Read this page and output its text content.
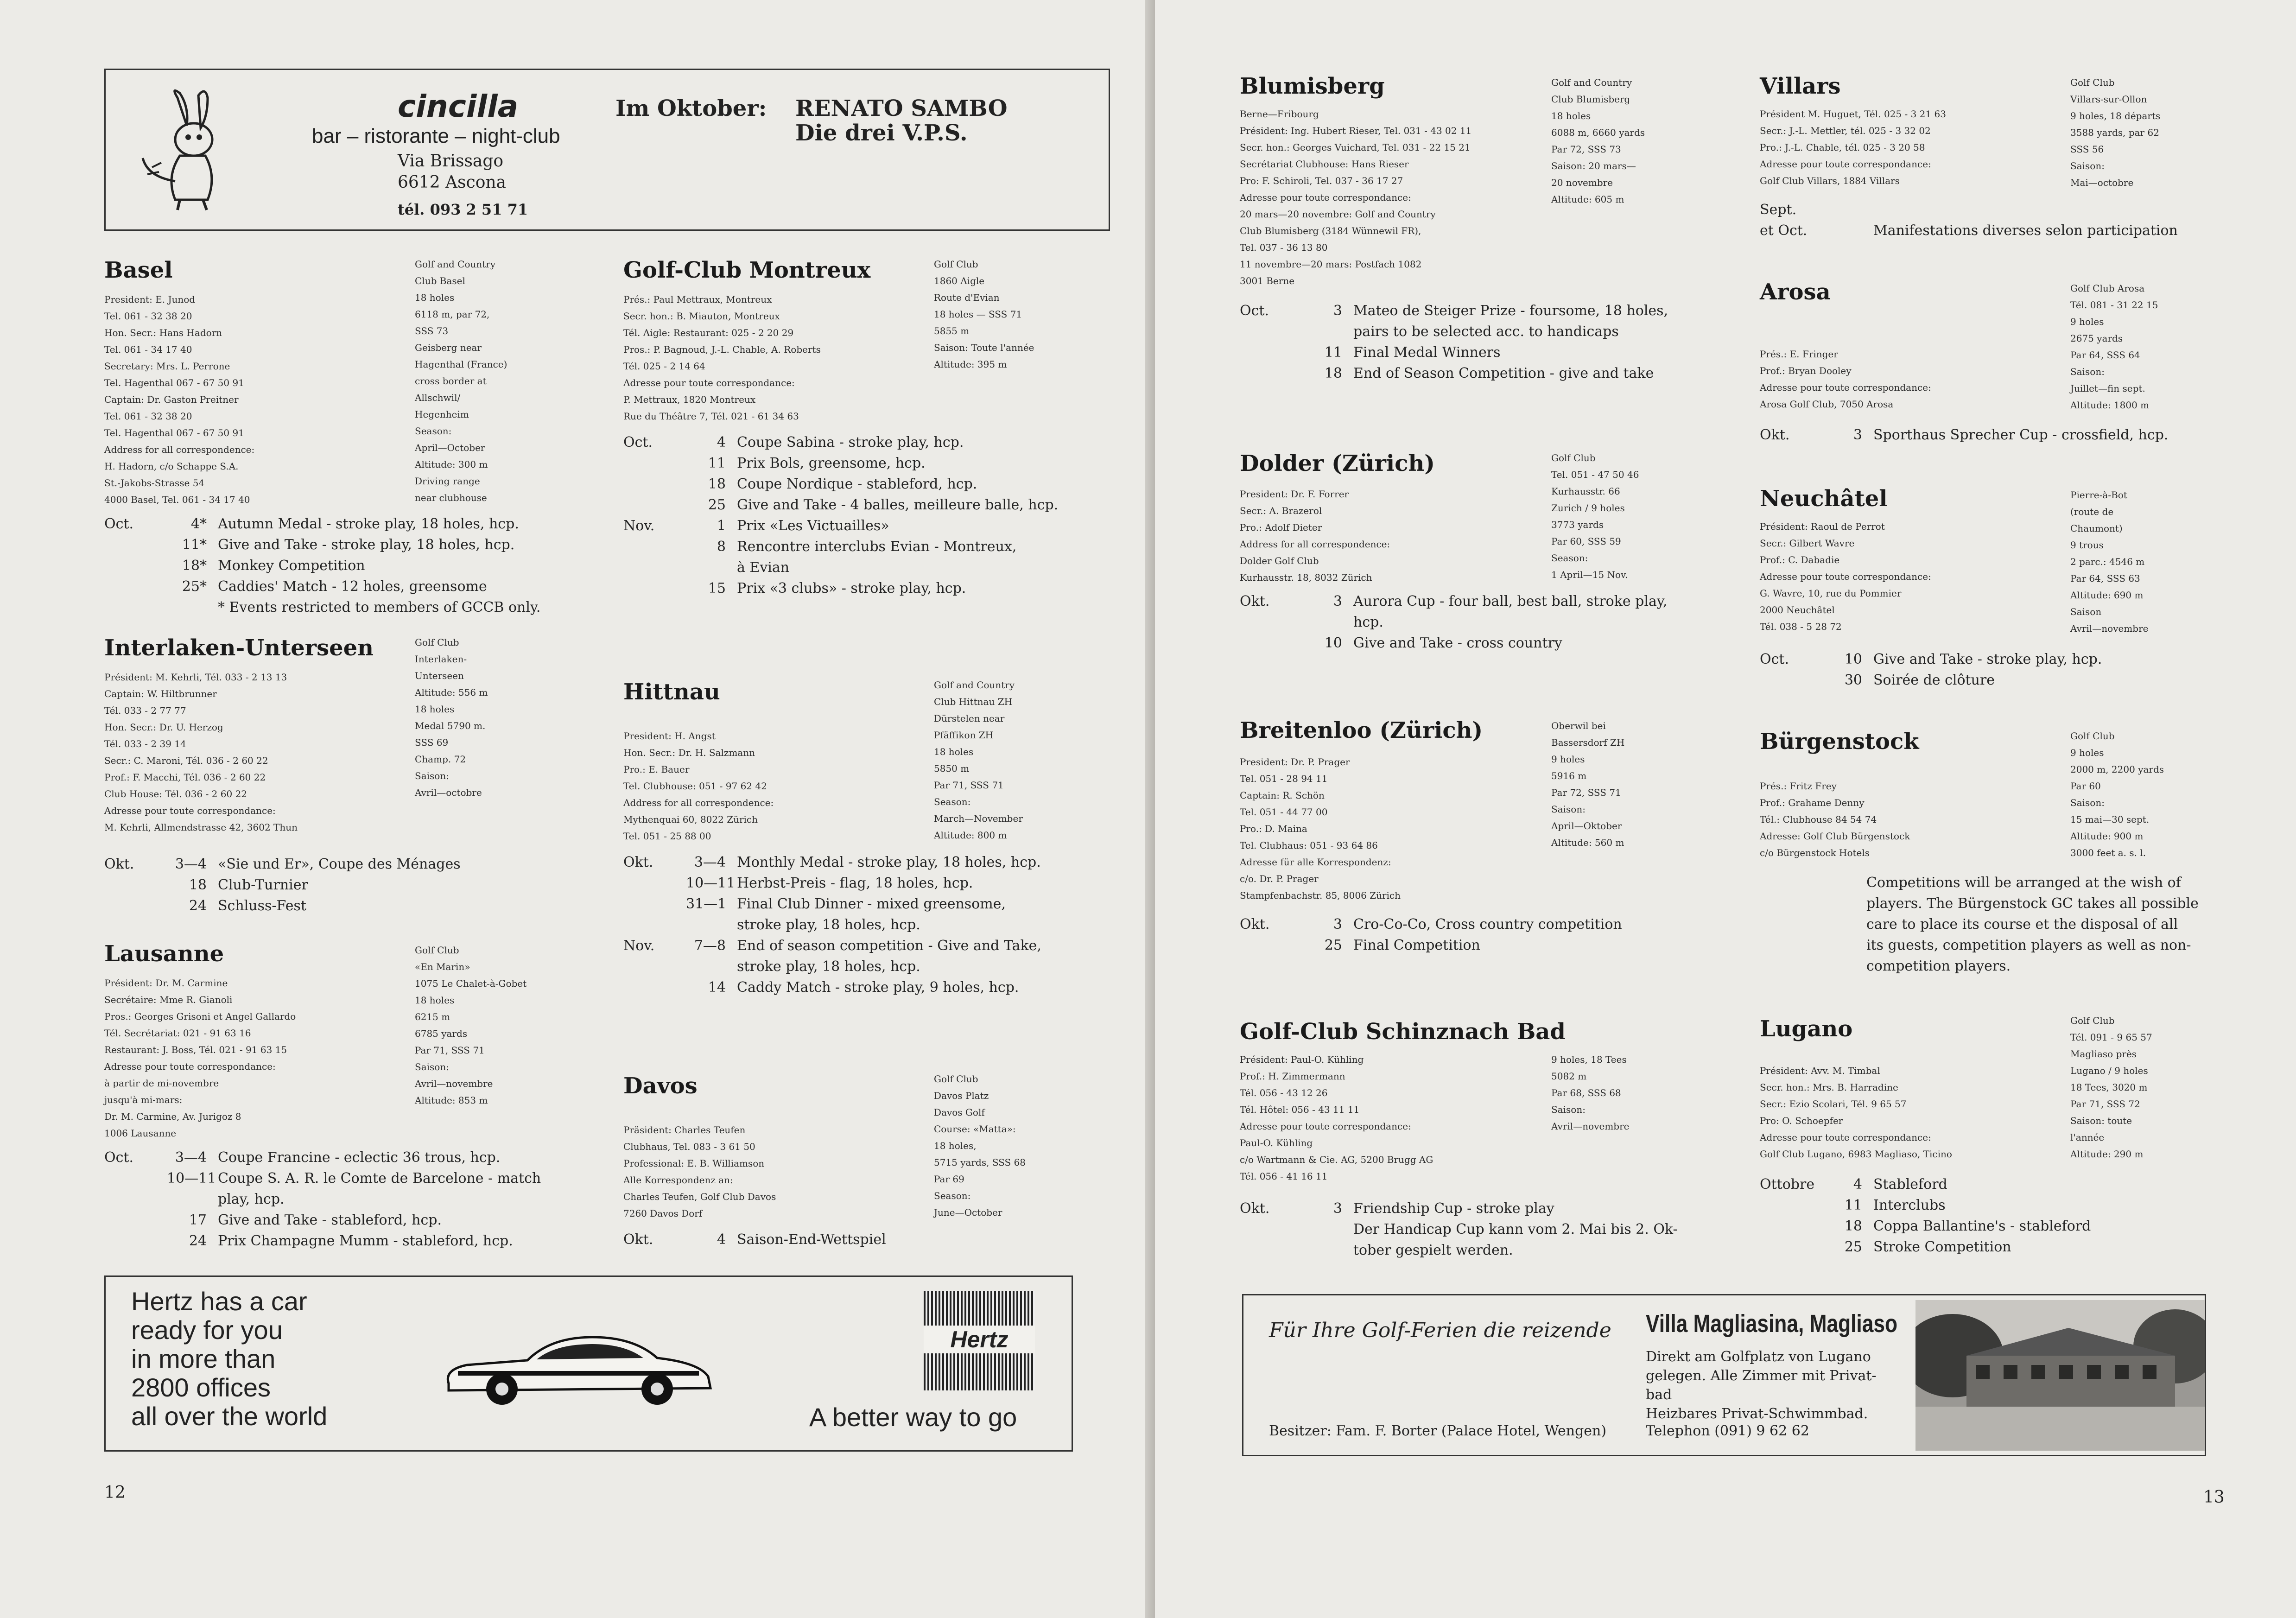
cincilla
bar – ristorante – night-club
Via Brissago
6612 Ascona
tél. 093 2 51 71
Im Oktober: RENATO SAMBO
Die drei V.P.S.
Basel
President: E. Junod
Tel. 061 - 32 38 20
Hon. Secr.: Hans Hadorn
Tel. 061 - 34 17 40
Secretary: Mrs. L. Perrone
Tel. Hagenthal 067 - 67 50 91
Captain: Dr. Gaston Preitner
Tel. 061 - 32 38 20
Tel. Hagenthal 067 - 67 50 91
Address for all correspondence:
H. Hadorn, c/o Schappe S.A.
St.-Jakobs-Strasse 54
4000 Basel, Tel. 061 - 34 17 40
Golf and Country
Club Basel
18 holes
6118 m, par 72,
SSS 73
Geisberg near
Hagenthal (France)
cross border at
Allschwil/
Hegenheim
Season:
April—October
Altitude: 300 m
Driving range
near clubhouse
Oct.	4* Autumn Medal - stroke play, 18 holes, hcp.
11* Give and Take - stroke play, 18 holes, hcp.
18* Monkey Competition
25* Caddies' Match - 12 holes, greensome
* Events restricted to members of GCCB only.
Interlaken-Unterseen
Président: M. Kehrli, Tél. 033 - 2 13 13
Captain: W. Hiltbrunner
Tél. 033 - 2 77 77
Hon. Secr.: Dr. U. Herzog
Tél. 033 - 2 39 14
Secr.: C. Maroni, Tél. 036 - 2 60 22
Prof.: F. Macchi, Tél. 036 - 2 60 22
Club House: Tél. 036 - 2 60 22
Adresse pour toute correspondance:
M. Kehrli, Allmendstrasse 42, 3602 Thun
Golf Club
Interlaken-
Unterseen
Altitude: 556 m
18 holes
Medal 5790 m.
SSS 69
Champ. 72
Saison:
Avril—octobre
Okt.	3—4 «Sie und Er», Coupe des Ménages
18 Club-Turnier
24 Schluss-Fest
Lausanne
Président: Dr. M. Carmine
Secrétaire: Mme R. Gianoli
Pros.: Georges Grisoni et Angel Gallardo
Tél. Secrétariat: 021 - 91 63 16
Restaurant: J. Boss, Tél. 021 - 91 63 15
Adresse pour toute correspondance:
à partir de mi-novembre
jusqu'à mi-mars:
Dr. M. Carmine, Av. Jurigoz 8
1006 Lausanne
Golf Club
«En Marin»
1075 Le Chalet-à-Gobet
18 holes
6215 m
6785 yards
Par 71, SSS 71
Saison:
Avril—novembre
Altitude: 853 m
Oct.	3—4 Coupe Francine - eclectic 36 trous, hcp.
10—11 Coupe S. A. R. le Comte de Barcelone - match
play, hcp.
17 Give and Take - stableford, hcp.
24 Prix Champagne Mumm - stableford, hcp.
Golf-Club Montreux
Prés.: Paul Mettraux, Montreux
Secr. hon.: B. Miauton, Montreux
Tél. Aigle: Restaurant: 025 - 2 20 29
Pros.: P. Bagnoud, J.-L. Chable, A. Roberts
Tél. 025 - 2 14 64
Adresse pour toute correspondance:
P. Mettraux, 1820 Montreux
Rue du Théâtre 7, Tél. 021 - 61 34 63
Golf Club
1860 Aigle
Route d'Evian
18 holes — SSS 71
5855 m
Saison: Toute l'année
Altitude: 395 m
Oct.	4 Coupe Sabina - stroke play, hcp.
11 Prix Bols, greensome, hcp.
18 Coupe Nordique - stableford, hcp.
25 Give and Take - 4 balles, meilleure balle, hcp.
Nov.	1 Prix «Les Victuailles»
8 Rencontre interclubs Evian - Montreux,
à Evian
15 Prix «3 clubs» - stroke play, hcp.
Hittnau
President: H. Angst
Hon. Secr.: Dr. H. Salzmann
Pro.: E. Bauer
Tel. Clubhouse: 051 - 97 62 42
Address for all correspondence:
Mythenquai 60, 8022 Zürich
Tel. 051 - 25 88 00
Golf and Country
Club Hittnau ZH
Dürstelen near
Pfäffikon ZH
18 holes
5850 m
Par 71, SSS 71
Season:
March—November
Altitude: 800 m
Okt.	3—4 Monthly Medal - stroke play, 18 holes, hcp.
10—11 Herbst-Preis - flag, 18 holes, hcp.
31—1 Final Club Dinner - mixed greensome,
stroke play, 18 holes, hcp.
Nov.	7—8 End of season competition - Give and Take,
stroke play, 18 holes, hcp.
14 Caddy Match - stroke play, 9 holes, hcp.
Davos
Präsident: Charles Teufen
Clubhaus, Tel. 083 - 3 61 50
Professional: E. B. Williamson
Alle Korrespondenz an:
Charles Teufen, Golf Club Davos
7260 Davos Dorf
Golf Club
Davos Platz
Davos Golf
Course: «Matta»:
18 holes,
5715 yards, SSS 68
Par 69
Season:
June—October
Okt.	4 Saison-End-Wettspiel
Hertz has a car
ready for you
in more than
2800 offices
all over the world
Hertz
A better way to go
12
Blumisberg
Berne—Fribourg
Président: Ing. Hubert Rieser, Tel. 031 - 43 02 11
Secr. hon.: Georges Vuichard, Tel. 031 - 22 15 21
Secrétariat Clubhouse: Hans Rieser
Pro: F. Schiroli, Tel. 037 - 36 17 27
Adresse pour toute correspondance:
20 mars—20 novembre: Golf and Country
Club Blumisberg (3184 Wünnewil FR),
Tel. 037 - 36 13 80
11 novembre—20 mars: Postfach 1082
3001 Berne
Golf and Country
Club Blumisberg
18 holes
6088 m, 6660 yards
Par 72, SSS 73
Saison: 20 mars—
20 novembre
Altitude: 605 m
Oct.	3 Mateo de Steiger Prize - foursome, 18 holes,
pairs to be selected acc. to handicaps
11 Final Medal Winners
18 End of Season Competition - give and take
Dolder (Zürich)
President: Dr. F. Forrer
Secr.: A. Brazerol
Pro.: Adolf Dieter
Address for all correspondence:
Dolder Golf Club
Kurhausstr. 18, 8032 Zürich
Golf Club
Tel. 051 - 47 50 46
Kurhausstr. 66
Zurich / 9 holes
3773 yards
Par 60, SSS 59
Season:
1 April—15 Nov.
Okt.	3 Aurora Cup - four ball, best ball, stroke play,
hcp.
10 Give and Take - cross country
Breitenloo (Zürich)
President: Dr. P. Prager
Tel. 051 - 28 94 11
Captain: R. Schön
Tel. 051 - 44 77 00
Pro.: D. Maina
Tel. Clubhaus: 051 - 93 64 86
Adresse für alle Korrespondenz:
c/o. Dr. P. Prager
Stampfenbachstr. 85, 8006 Zürich
Oberwil bei
Bassersdorf ZH
9 holes
5916 m
Par 72, SSS 71
Saison:
April—Oktober
Altitude: 560 m
Okt.	3 Cro-Co-Co, Cross country competition
25 Final Competition
Golf-Club Schinznach Bad
Président: Paul-O. Kühling
Prof.: H. Zimmermann
Tél. 056 - 43 12 26
Tél. Hôtel: 056 - 43 11 11
Adresse pour toute correspondance:
Paul-O. Kühling
c/o Wartmann & Cie. AG, 5200 Brugg AG
Tél. 056 - 41 16 11
9 holes, 18 Tees
5082 m
Par 68, SSS 68
Saison:
Avril—novembre
Okt.	3 Friendship Cup - stroke play
Der Handicap Cup kann vom 2. Mai bis 2. Ok-
tober gespielt werden.
Villars
Président M. Huguet, Tél. 025 - 3 21 63
Secr.: J.-L. Mettler, tél. 025 - 3 32 02
Pro.: J.-L. Chable, tél. 025 - 3 20 58
Adresse pour toute correspondance:
Golf Club Villars, 1884 Villars
Golf Club
Villars-sur-Ollon
9 holes, 18 départs
3588 yards, par 62
SSS 56
Saison:
Mai—octobre
Sept.
et Oct.	Manifestations diverses selon participation
Arosa
Prés.: E. Fringer
Prof.: Bryan Dooley
Adresse pour toute correspondance:
Arosa Golf Club, 7050 Arosa
Golf Club Arosa
Tél. 081 - 31 22 15
9 holes
2675 yards
Par 64, SSS 64
Saison:
Juillet—fin sept.
Altitude: 1800 m
Okt.	3 Sporthaus Sprecher Cup - crossfield, hcp.
Neuchâtel
Président: Raoul de Perrot
Secr.: Gilbert Wavre
Prof.: C. Dabadie
Adresse pour toute correspondance:
G. Wavre, 10, rue du Pommier
2000 Neuchâtel
Tél. 038 - 5 28 72
Pierre-à-Bot
(route de
Chaumont)
9 trous
2 parc.: 4546 m
Par 64, SSS 63
Altitude: 690 m
Saison
Avril—novembre
Oct.	10 Give and Take - stroke play, hcp.
30 Soirée de clôture
Bürgenstock
Prés.: Fritz Frey
Prof.: Grahame Denny
Tél.: Clubhouse 84 54 74
Adresse: Golf Club Bürgenstock
c/o Bürgenstock Hotels
Golf Club
9 holes
2000 m, 2200 yards
Par 60
Saison:
15 mai—30 sept.
Altitude: 900 m
3000 feet a. s. l.
Competitions will be arranged at the wish of
players. The Bürgenstock GC takes all possible
care to place its course et the disposal of all
its guests, competition players as well as non-
competition players.
Lugano
Président: Avv. M. Timbal
Secr. hon.: Mrs. B. Harradine
Secr.: Ezio Scolari, Tél. 9 65 57
Pro: O. Schoepfer
Adresse pour toute correspondance:
Golf Club Lugano, 6983 Magliaso, Ticino
Golf Club
Tél. 091 - 9 65 57
Magliaso près
Lugano / 9 holes
18 Tees, 3020 m
Par 71, SSS 72
Saison: toute
l'année
Altitude: 290 m
Ottobre	4 Stableford
11 Interclubs
18 Coppa Ballantine's - stableford
25 Stroke Competition
Für Ihre Golf-Ferien die reizende Villa Magliasina, Magliaso
Direkt am Golfplatz von Lugano
gelegen. Alle Zimmer mit Privat-
bad
Heizbares Privat-Schwimmbad.
Telephon (091) 9 62 62
Besitzer: Fam. F. Borter (Palace Hotel, Wengen)
13
